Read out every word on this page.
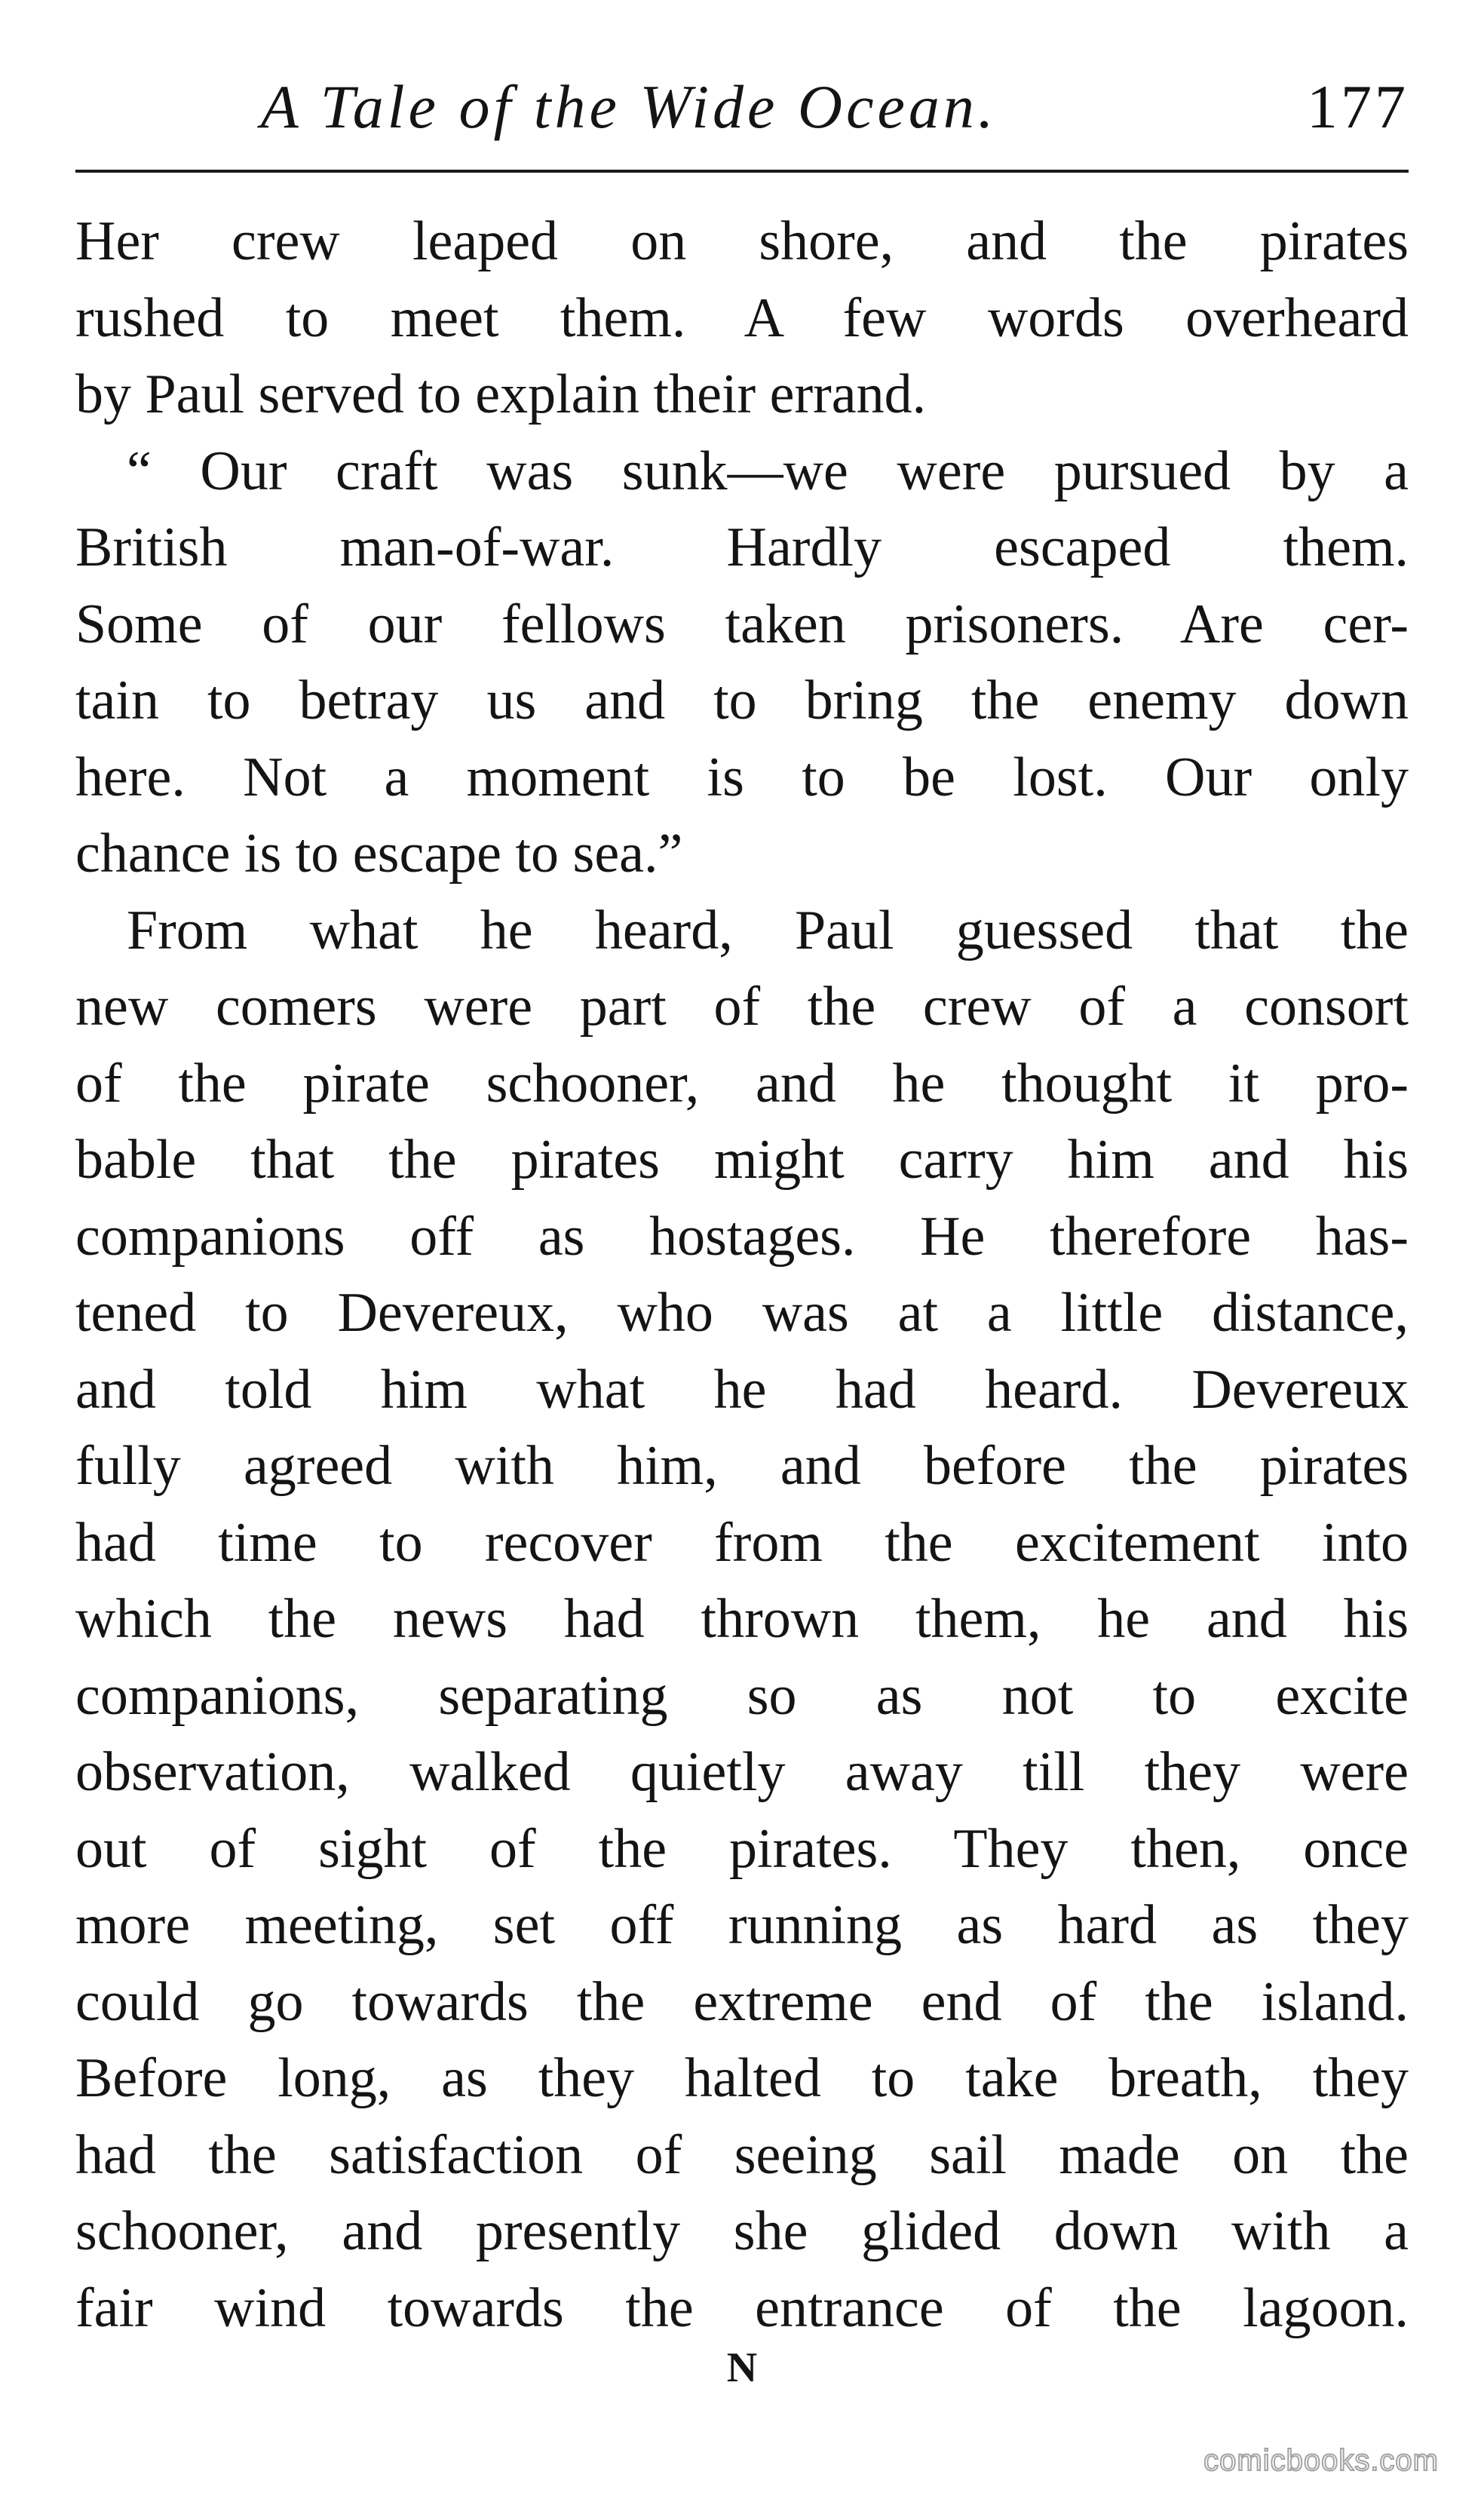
A Tale of the Wide Ocean.	177

Her crew leaped on shore, and the pirates

rushed to meet them. A few words overheard

by Paul served to explain their errand.

“ Our craft was sunk—we were pursued by a

British man-of-war. Hardly escaped them.

Some of our fellows taken prisoners. Are cer-

tain to betray us and to bring the enemy down

here. Not a moment is to be lost. Our only

chance is to escape to sea.”

From what he heard, Paul guessed that the

new comers were part of the crew of a consort

of the pirate schooner, and he thought it pro-

bable that the pirates might carry him and his

companions off as hostages. He therefore has-

tened to Devereux, who was at a little distance,

and told him what he had heard. Devereux

fully agreed with him, and before the pirates

had time to recover from the excitement into

which the news had thrown them, he and his

companions, separating so as not to excite

observation, walked quietly away till they were

out of sight of the pirates. They then, once

more meeting, set off running as hard as they

could go towards the extreme end of the island.

Before long, as they halted to take breath, they

had the satisfaction of seeing sail made on the

schooner, and presently she glided down with a

fair wind towards the entrance of the lagoon.

N
comicbooks.com
